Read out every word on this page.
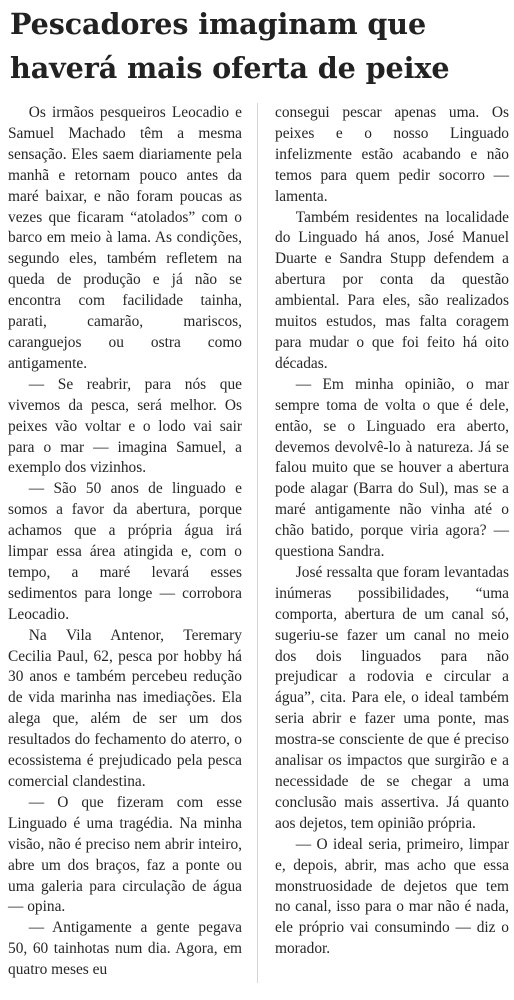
Pescadores imaginam que
haverá mais oferta de peixe

Os irmãos pesqueiros Leocadio e Samuel Machado têm a mesma sensação. Eles saem diariamente pela manhã e retornam pouco antes da maré baixar, e não foram poucas as vezes que ficaram “atolados” com o barco em meio à lama. As condições, segundo eles, também refletem na queda de produção e já não se encontra com facilidade tainha, parati, camarão, mariscos, caranguejos ou ostra como antigamente.

— Se reabrir, para nós que vivemos da pesca, será melhor. Os peixes vão voltar e o lodo vai sair para o mar — imagina Samuel, a exemplo dos vizinhos.

— São 50 anos de linguado e somos a favor da abertura, porque achamos que a própria água irá limpar essa área atingida e, com o tempo, a maré levará esses sedimentos para longe — corrobora Leocadio.

Na Vila Antenor, Teremary Cecilia Paul, 62, pesca por hobby há 30 anos e também percebeu redução de vida marinha nas imediações. Ela alega que, além de ser um dos resultados do fechamento do aterro, o ecossistema é prejudicado pela pesca comercial clandestina.

— O que fizeram com esse Linguado é uma tragédia. Na minha visão, não é preciso nem abrir inteiro, abre um dos braços, faz a ponte ou uma galeria para circulação de água — opina.

— Antigamente a gente pegava 50, 60 tainhotas num dia. Agora, em quatro meses eu

consegui pescar apenas uma. Os peixes e o nosso Linguado infelizmente estão acabando e não temos para quem pedir socorro — lamenta.

Também residentes na localidade do Linguado há anos, José Manuel Duarte e Sandra Stupp defendem a abertura por conta da questão ambiental. Para eles, são realizados muitos estudos, mas falta coragem para mudar o que foi feito há oito décadas.

— Em minha opinião, o mar sempre toma de volta o que é dele, então, se o Linguado era aberto, devemos devolvê-lo à natureza. Já se falou muito que se houver a abertura pode alagar (Barra do Sul), mas se a maré antigamente não vinha até o chão batido, porque viria agora? — questiona Sandra.

José ressalta que foram levantadas inúmeras possibilidades, “uma comporta, abertura de um canal só, sugeriu-se fazer um canal no meio dos dois linguados para não prejudicar a rodovia e circular a água”, cita. Para ele, o ideal também seria abrir e fazer uma ponte, mas mostra-se consciente de que é preciso analisar os impactos que surgirão e a necessidade de se chegar a uma conclusão mais assertiva. Já quanto aos dejetos, tem opinião própria.

— O ideal seria, primeiro, limpar e, depois, abrir, mas acho que essa monstruosidade de dejetos que tem no canal, isso para o mar não é nada, ele próprio vai consumindo — diz o morador.
